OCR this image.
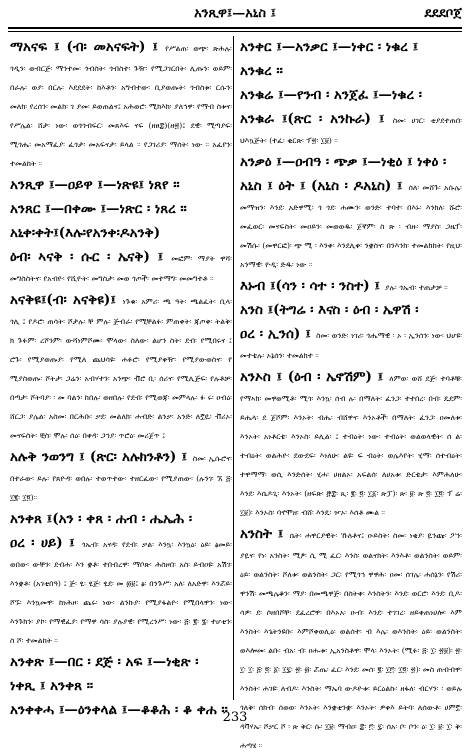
አንጺዋ፤—አኒስ ፤	ደደደቦጀ
ማአናፍ ፤ (ብ፡ መአናፍት) ፤ የሥልጠ፡ ወጭ፡ ጽሕሉ፡ ጎዲን፡ ወብርጅ፡ ማንተመ፡ ጎብስት፡ ጎብስተ፡ ጉዥ፡ የሚጋገርበት፡ ሊጡን፡ ወይም፡ በራሉ፡ ወያ፡ በርሉ፡ እደደደት፡ ከእቶን፡ አግብተው፡ ቢያወጡት፡ ጎብስቱ፡ ርሱን፡ መለክ፡ የረሰን፡ መልክ፡ ገ ያመ፡ ይወጠልና፤ አሕወሮ፡ ሚክእክ፡ ያለኅዋ፡ የማብ ስቱና፡ የሥሌል፡ ሸታ፡ ነው፡ ወጎጎብፍር፡ መጸእፍ ናፍ (ዘፀ፰)(ዘ፳)፤ ደዊ፡ ሚጣያፍ፡ ሚጎሔ፡ መአማፈያ፡ ፈጎታ፡ መአፍናታ፡ ይላል ። የጋገሪያ፡ ማሰት፡ ነው ። አፈየን፡ ተመልከት ።
አንጺዋ ፤—ዐይዋ ፤—ነጽዩ፤ ነጸየ ፡፡
አንጸር ፤—በቀሙ ፤—ነጽር ፡ ነጸረ ፡፡
አኒቀ፡ቀት፤(እሉ፡የአንቀ፡ዶአንቅ)
ዕብ፡ ኣናቅ ፡ ሱር ፡ ኤናቅ) ፤ መፎም፡ ማያት ዋሻ፡ መግስስትና፡ የአብዮ፡ የሺዮት፡ መግስታ፡ መወ ጎጦች፡ መተማግ፡ መመግተቶ ።
አናቅዩ፤(ብ፡ አናቅዩ)፤ ነጉቁ፡ አምሪ፡ ጫ ዓት፡ ጫልፈት፡ ቢላ፡ ጎሊ ፤ የዶሮ፡ ጠሳት፡ ሾታሉ፡ ቸ ምሉ፡ ጅብራ፡ የሚቸልፉ፡ ምጠቀት፡ ጃጦቀ፡ ትልቅ፡ ክ ጉፉም፡ ረሾንም፡ ውሻነምሾሙ፡ ሞላው፡ ስለው፡ ልሆን ስት፡ ደብ፡ የሚበሩና ፤ ሮጉ፡ የሚያወጡያ፡ የሚለ ጨህሳዩ፡ ሐፉሮ፡ የሚያቀዥ፡ የሚያውወስና፡ የ ሚያስወጡ፡ ሾትታ፡ ጋሬን፡ አብሃተን፡ አንጭ፡ ቭሮ ቢ፡ ሰሪና፡ የሚሊጅፍ፡ የሉቶቻ፡ በጣታ፡ ሾትባያ፡ ፡ መ ባልን፡ ከበሉ፡ ወዘበሉ፡ የደብ፡ የሚወጃ፡ መምላሉ፡ ፉ ሩ፡ ዐብዕ፡ ሸርጋ፡ ያሌል፡ አስመ፡ በርሕቡ፡ ቃደ፡ መልለክ፡ ሐብድ፡ ልንቃ፡ አንድ፡ ለኟዪ፡ ቭሪኦ፡ መናፍስት፡ ቺስ፡ ሞሉ፡ ሰዕ፡ በቀዳ፡ ጋኅያ፡ ጥሮዕ፡ መሪጀጥ ፤
አሉቅ ንወንግ ፤ (ጽር፡ አሉክንቶን) ፤ ስመ፡ ኢሱሮና፡ በተራው፡ ይሉ፡ የጸዮዳ፡ ወበሉ፡ ተወጥተው፡ ተዘርፈው፡ የሚያጠው፡ (ሉንገ፡ ኧ ፭፡ ፲፪፡ ፲፬)።
አንቀጸ ፤(አን ፡ ቀጸ ፡ ሐብ ፡ ሔኤሕ ፡
ዐረ ፡ ሀይ) ፤ ጎኤብ፡ አናዳ፡ የደብ፡ ቃል፡ እንኳ፡ እንኳዕ፡ ዕይ፡ ፅመይ፡ ወበው፡ ውቸን፡ ደብሐ፡ እን ቋቶ፡ ተበብረዋ፡ ማቦጽ፡ ሕስዞበ፡ አስ፡ ይብዐዩ፡ አሽገ፡ እንቋቶ፡ (አገቲበዓ) ፤ ጅ፡ ፂ፡ ፂጅ፡ ፂደ፡ መ ፴፱፤ ፅ፡ በንጉሥ፡ አለ፡ ለአድዋ፡ እንሯይ፡ ሾኙ፡ እንኳመዋ፡ ከነሕዞ፡ ጨሩ፡ ነው፡ ልንኩያ፡ የሚያፋልዮ፡ የሚበላዋን፡ ነው፡ እንጉክን፡ ያኮ፡ የማዊፈያ፡ የማዋ ሳስ፡ ያሉያዊ፡ የሚረንሥ፡ ነው፡ ፭፡ ፪፡ ፮፡ ተሆቲን፡ ስ ሾ፡ ተመልከት ።
አንቀጽ ፤—በር ፡ ደጅ ፡ አፍ ፤—ነቂጽ ፡
ነቀጺ ፤ አንቀጸ ፡፡
አንቀቀሓ ፤—ዕንቀላል ፤—ቆቆሕ ፡ ቆ ቀሐ ፡፡
አንቀር ፤—አንቃር ፤—ነቀር ፡ ነቁረ ፤
አንቁረ ፡፡
አንቁሬ ፤—የንብ ፡ አንጀፈ ፤—ነቁረ ፡
አንቁራ ፤(ጽር ፡ አንኩራ) ፤ ስመ፡ ሀገር፡ ቲያደተጠበ፡ ህእኳጅት፡ (ተፈ፡ ቂርጽ፡ ፕ፳፡ ፲፱) ።
አንቃዕ ፤—ዐብዓ ፡ ጭቃ ፤—ነቂዕ ፤ ነቀዕ ፡
አኒስ ፤ ዕት ፤ (አኒስ ፡ ዶአኒስ) ፤ ሰለ፡ መሸጉ፡ አሱሌ፡ መማዝን፡ እንደ፡ አድዋሚ፡ ጎ ጎደ፡ ሐሙን፡ ወንድ፡ ተባተ፡ በእኑ፡ እንክለ፡ ሹሮ፡ መፈወር፡ መናፍስት፡ መዐይን፡ መወወዱ፡ ጀኛም፡ ስ ጽ ፡ ብዙ፡ ማያስ፡ ጋዜፕ፡ መሽሱ፡ (መዋርፎ)፡ ጭ ሚ ፡ እንቀ፡ እንደሊቀ፡ ንቋስና፡ በንእንክ፡ ተመልክከት፡ የዚህ፡ አንማዊ፡ ዮዲ፡ ድዱ፡ ነው ።
እኑብ ፤(ሳን ፡ ሳተ ፡ ንስተ) ፤ ያሉ፡ ጎኤብ፡ ተጠታቻ ።
አንስ ፤(ትግሬ ፡ እናስ ፡ ዕብ ፡ ኤዋሽ ፡
ዐረ ፡ ኢንሰ) ፤ ስመ፡ ወንድ፡ ነገሪ፡ ጎሔማዊ ፡ ኦ ፡ ኢንሰን፡ ነው፡ ህሆዩ፡ መተቴሉ፡ ኦኔሰን፡ ተመልክተ ።
አንኦስ ፤ (ዕብ ፡ ኤኖሽም) ፤ ለምወ፡ ወሸ ደጅ፡ ተባቶቹ፡ የማኣክ፡ መዋወሚቶ፡ ሚጎ፡ እንኳ፡ ሰብ ሉ፡ በማለት፡ ፈንጋ፡ ተተበረ፡ በብ፡ ዴደም፡ ይሔላ፡ ደ ጀሾም፡ እንኦት፡ ብሔ፡ ብሸዋና፡ እንኦቶች፡ በማለት፡ ፈንጋ፡ ዐመለቱ፡ እንኦት፡ አነቶርቴ፡ እንኦስ፡ ይሊል፡ ፤ ተብዕት፡ ነው፡ ተብዕት፡ ወልወላዊት፡ ሰ ል፡ ተብዕት፡ ወልሕዮ፡ ደውደፍ፡ እነለሁ፡ ልዩ፡ ፍ ብዕት፡ ወሌእየት፡ ሂማ፡ ሰተብዕት፡ ተዋማማ፡ ወሲ እንድሰት፡ ሂሐ፡ ሀዘልኦ፡ አፍልሰ፡ ለሀአቱ፡ ድርቴታ፡ እምሕለሁ፡ እንደ፡ እሴዶጊ፡ እንኦት፡ (ዘፍጽ፡ ፸፰፡ ጲ፡ ፪፡ ፬፡ ፲፩፡ ጵፓ)፡ ጵ፡ ፱፡ ጵ ፬፡ ፲፬፡ ፕ ሬ፡ ፲፱)፡ እንኦስ፡ ባኖሞዘ፡ ብሸ፡ እንዴ፡ ዦኦ፡ እሰቶ ሙል ።
አንስት ፤ ሴት፡ ሐዋርያዊት፡ ኹለቶና፤ ዑይስት፡ ስመ፡ ነቂያ፡ ዬንጩ፡ ፖን፡ ያዬና፡ የነ፡ አንስት፡ ሚፆ፡ ሲ ሚ ፈር፡ እንስ፡ ወልናክት፡ እንእቶ፡ ወልንስት፡ ወይም፡ ዕይ፡ ወልንስት፡ ሾለቱ፡ ወልንስት፡ ጋር፡ የሚጎኅ ዋዋሕ፡ ዐመ፡ ሰገሌ፡ ሐሰኔን፡ የሽሪ፡ ዋንሽ፡ መጫሌቆን፡ ማያ፡ በመጫዋጅ፡ በስትቀ፡ እንስትን፡ እንደ፡ ወርሮ፡ እንደ፡ ቢዶ፡ ሳዎ፡ ደ፡ ሶዘበሾቸ፡ ደፈረሮዋ፡ በእኦአ፡ ዑብ፡ እንደ፡ ተገገረ፡ ዘይቀጠነሀሎ፡ እም እንስት፡ እጌትንዩቡ፡ እምሾቀወሊዕ፡ ወልሰተ፡ ብ እሌ፡ ወእንስት፡ ዕይ፡ ወልንስት፡ ወእሎመ፡ ልቡ፡ ብአ፡ ብ፡ ዐሑቱ፡ ኢአንስቶዋ፡ ሞላ፡ እንኦት፡ (ሚፉ፡ ፭፡ ፲፡ ፳፱)፡ ፳፡ ፲፡ ፲፡ ፭፡ ፬፡ ፩፡ ፲፯፡ ፳፡ ፴፡ ሯጤ፡ ፈር፡ እንደ፡ መሰ፡ ፪፡ ፲፫፡ ፲፬፡ ፳)፡ መስ ጠብብዋ፡ እንስት፡ ሐገዩ፡ ለብዶ፡ እንስት፡ ማኤባ ውዶዮቱ፡ ይርዕልኩ፡ ዘፋለ፡ ብርሃን፡ ፡ ወይሉ ጎለቅ፡ ሰክብ፡ ሰወወ፡ እንኦት፡ እንቋቲንቋ፡ እንኦት፡ ዎቀእ ይትባ፡ ለሰውቶ፡ ሀምኟ፡ ዳቫሃኤ፡ ሾቃር ሾ ፡ ጵ ቅር፡ ሱ፡ ፲፱፡ ማብዐ፡ ፰፡ ፫፡ ፯፡ ሰአ፡ ቦ፡ ቦን፡ ዕ፡ ፲፡ ፱፡ ፲፡ ቅ፡ ሐጣሄ ።
233
